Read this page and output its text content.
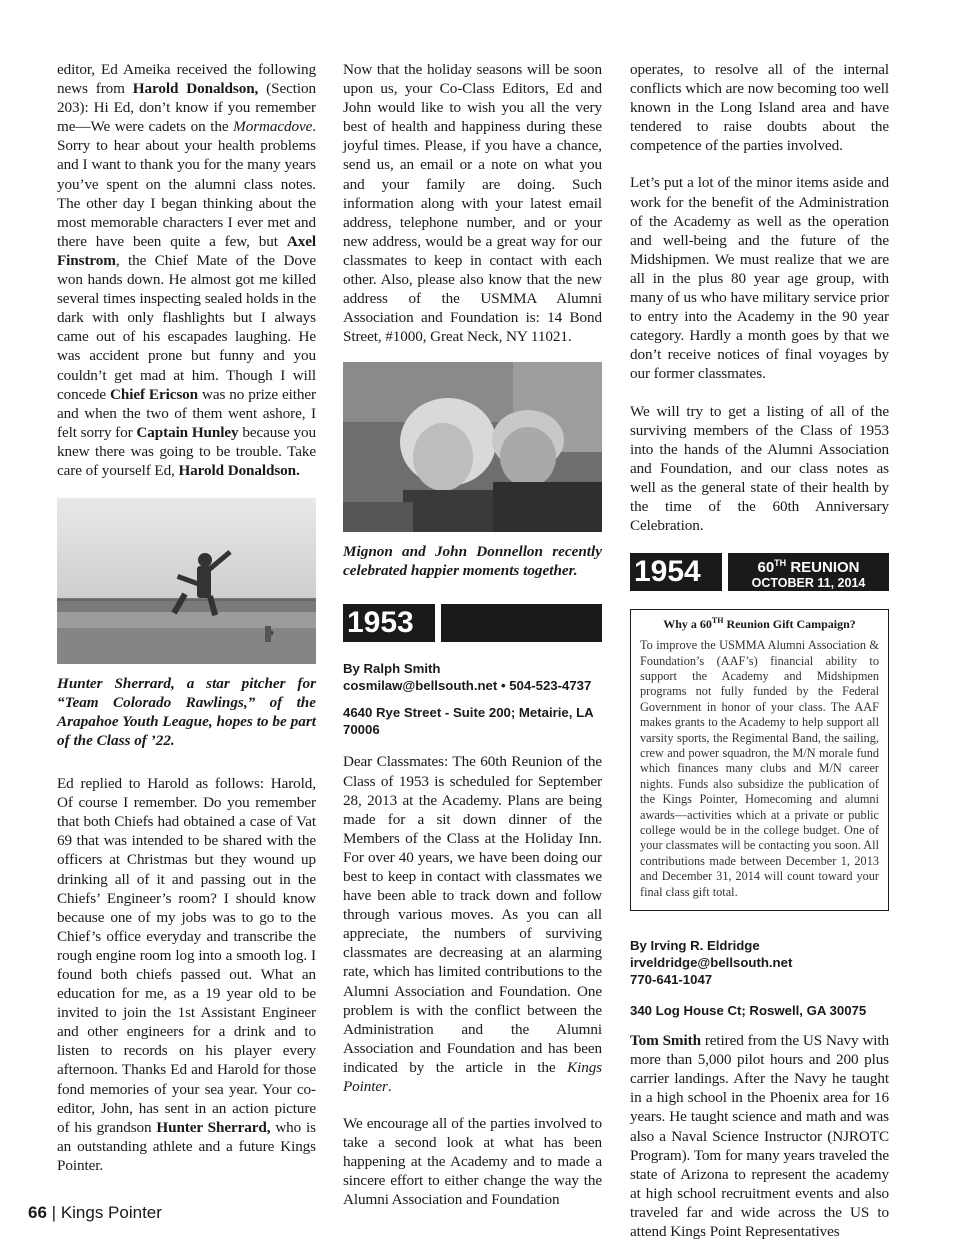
editor, Ed Ameika received the following news from Harold Donaldson, (Section 203): Hi Ed, don’t know if you remember me—We were cadets on the Mormacdove. Sorry to hear about your health problems and I want to thank you for the many years you’ve spent on the alumni class notes. The other day I began thinking about the most memorable characters I ever met and there have been quite a few, but Axel Finstrom, the Chief Mate of the Dove won hands down. He almost got me killed several times inspecting sealed holds in the dark with only flashlights but I always came out of his escapades laughing. He was accident prone but funny and you couldn’t get mad at him. Though I will concede Chief Ericson was no prize either and when the two of them went ashore, I felt sorry for Captain Hunley because you knew there was going to be trouble. Take care of yourself Ed, Harold Donaldson.

Hunter Sherrard, a star pitcher for “Team Colorado Rawlings,” of the Arapahoe Youth League, hopes to be part of the Class of ’22.

Ed replied to Harold as follows: Harold, Of course I remember. Do you remember that both Chiefs had obtained a case of Vat 69 that was intended to be shared with the officers at Christmas but they wound up drinking all of it and passing out in the Chiefs’ Engineer’s room? I should know because one of my jobs was to go to the Chief’s office everyday and transcribe the rough engine room log into a smooth log. I found both chiefs passed out. What an education for me, as a 19 year old to be invited to join the 1st Assistant Engineer and other engineers for a drink and to listen to records on his player every afternoon. Thanks Ed and Harold for those fond memories of your sea year. Your co-editor, John, has sent in an action picture of his grandson Hunter Sherrard, who is an outstanding athlete and a future Kings Pointer.

Now that the holiday seasons will be soon upon us, your Co-Class Editors, Ed and John would like to wish you all the very best of health and happiness during these joyful times. Please, if you have a chance, send us, an email or a note on what you and your family are doing. Such information along with your latest email address, telephone number, and or your new address, would be a great way for our classmates to keep in contact with each other. Also, please also know that the new address of the USMMA Alumni Association and Foundation is: 14 Bond Street, #1000, Great Neck, NY 11021.

Mignon and John Donnellon recently celebrated happier moments together.

1953
By Ralph Smith
cosmilaw@bellsouth.net • 504-523-4737
4640 Rye Street - Suite 200; Metairie, LA 70006

Dear Classmates: The 60th Reunion of the Class of 1953 is scheduled for September 28, 2013 at the Academy. Plans are being made for a sit down dinner of the Members of the Class at the Holiday Inn. For over 40 years, we have been doing our best to keep in contact with classmates we have been able to track down and follow through various moves. As you can all appreciate, the numbers of surviving classmates are decreasing at an alarming rate, which has limited contributions to the Alumni Association and Foundation. One problem is with the conflict between the Administration and the Alumni Association and Foundation and has been indicated by the article in the Kings Pointer.

We encourage all of the parties involved to take a second look at what has been happening at the Academy and to made a sincere effort to either change the way the Alumni Association and Foundation

operates, to resolve all of the internal conflicts which are now becoming too well known in the Long Island area and have tendered to raise doubts about the competence of the parties involved.

Let’s put a lot of the minor items aside and work for the benefit of the Administration of the Academy as well as the operation and well-being and the future of the Midshipmen. We must realize that we are all in the plus 80 year age group, with many of us who have military service prior to entry into the Academy in the 90 year category. Hardly a month goes by that we don’t receive notices of final voyages by our former classmates.

We will try to get a listing of all of the surviving members of the Class of 1953 into the hands of the Alumni Association and Foundation, and our class notes as well as the general state of their health by the time of the 60th Anniversary Celebration.

1954	60TH REUNION
OCTOBER 11, 2014
Why a 60TH Reunion Gift Campaign?
To improve the USMMA Alumni Association & Foundation’s (AAF’s) financial ability to support the Academy and Midshipmen programs not fully funded by the Federal Government in honor of your class. The AAF makes grants to the Academy to help support all varsity sports, the Regimental Band, the sailing, crew and power squadron, the M/N morale fund which finances many clubs and M/N career nights. Funds also subsidize the publication of the Kings Pointer, Homecoming and alumni awards—activities which at a private or public college would be in the college budget. One of your classmates will be contacting you soon. All contributions made between December 1, 2013 and December 31, 2014 will count toward your final class gift total.
By Irving R. Eldridge
irveldridge@bellsouth.net
770-641-1047
340 Log House Ct; Roswell, GA 30075

Tom Smith retired from the US Navy with more than 5,000 pilot hours and 200 plus carrier landings. After the Navy he taught in a high school in the Phoenix area for 16 years. He taught science and math and was also a Naval Science Instructor (NJROTC Program). Tom for many years traveled the state of Arizona to represent the academy at high school recruitment events and also traveled far and wide across the US to attend Kings Point Representatives

66 | Kings Pointer
